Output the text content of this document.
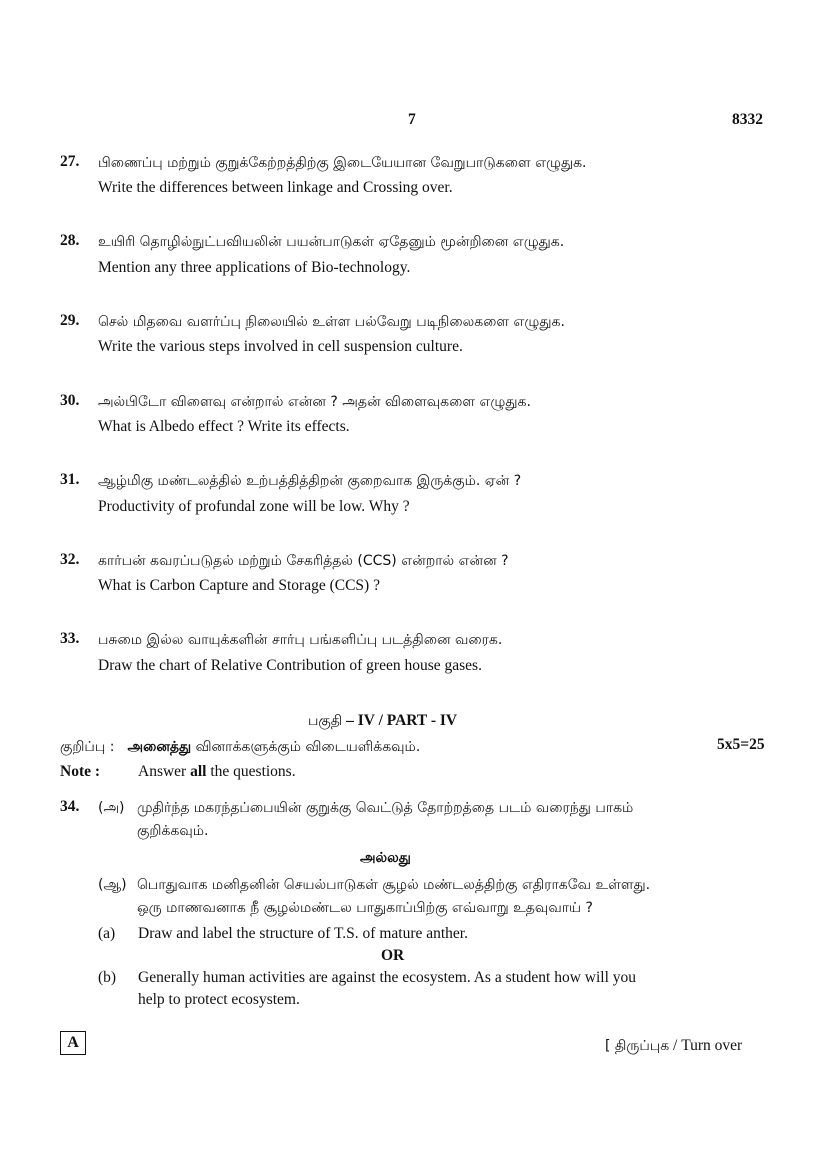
7	8332
27. பிணைப்பு மற்றும் குறுக்கேற்றத்திற்கு இடையேயான வேறுபாடுகளை எழுதுக.
Write the differences between linkage and Crossing over.
28. உயிரி தொழில்நுட்பவியலின் பயன்பாடுகள் ஏதேனும் மூன்றினை எழுதுக.
Mention any three applications of Bio-technology.
29. செல் மிதவை வளர்ப்பு நிலையில் உள்ள பல்வேறு படிநிலைகளை எழுதுக.
Write the various steps involved in cell suspension culture.
30. அல்பிடோ விளைவு என்றால் என்ன ? அதன் விளைவுகளை எழுதுக.
What is Albedo effect ? Write its effects.
31. ஆழ்மிகு மண்டலத்தில் உற்பத்தித்திறன் குறைவாக இருக்கும். ஏன் ?
Productivity of profundal zone will be low. Why ?
32. கார்பன் கவரப்படுதல் மற்றும் சேகரித்தல் (CCS) என்றால் என்ன ?
What is Carbon Capture and Storage (CCS) ?
33. பசுமை இல்ல வாயுக்களின் சார்பு பங்களிப்பு படத்தினை வரைக.
Draw the chart of Relative Contribution of green house gases.
பகுதி – IV / PART - IV
குறிப்பு : அனைத்து வினாக்களுக்கும் விடையளிக்கவும்.	5x5=25
Note : Answer all the questions.
34. (அ) முதிர்ந்த மகரந்தப்பையின் குறுக்கு வெட்டுத் தோற்றத்தை படம் வரைந்து பாகம்
குறிக்கவும்.
அல்லது
(ஆ) பொதுவாக மனிதனின் செயல்பாடுகள் சூழல் மண்டலத்திற்கு எதிராகவே உள்ளது.
ஒரு மாணவனாக நீ சூழல்மண்டல பாதுகாப்பிற்கு எவ்வாறு உதவுவாய் ?
(a) Draw and label the structure of T.S. of mature anther.
OR
(b) Generally human activities are against the ecosystem. As a student how will you
help to protect ecosystem.
A	[ திருப்புக / Turn over
